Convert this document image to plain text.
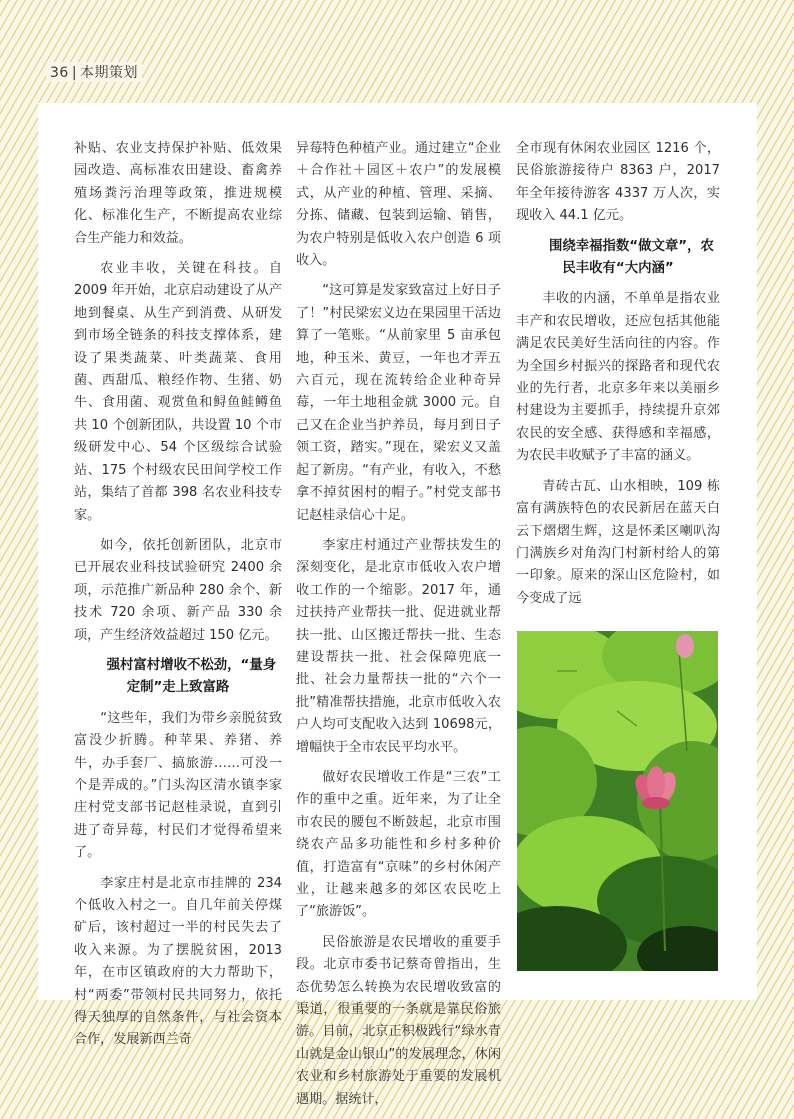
36 | 本期策划

补贴、农业支持保护补贴、低效果园改造、高标准农田建设、畜禽养殖场粪污治理等政策，推进规模化、标准化生产，不断提高农业综合生产能力和效益。

农业丰收，关键在科技。自 2009 年开始，北京启动建设了从产地到餐桌、从生产到消费、从研发到市场全链条的科技支撑体系，建设了果类蔬菜、叶类蔬菜、食用菌、西甜瓜、粮经作物、生猪、奶牛、食用菌、观赏鱼和鲟鱼鲑鳟鱼共 10 个创新团队，共设置 10 个市级研发中心、54 个区级综合试验站、175 个村级农民田间学校工作站，集结了首都 398 名农业科技专家。

如今，依托创新团队，北京市已开展农业科技试验研究 2400 余项，示范推广新品种 280 余个、新技术 720 余项、新产品 330 余项，产生经济效益超过 150 亿元。

强村富村增收不松劲，“量身定制”走上致富路

“这些年，我们为带乡亲脱贫致富没少折腾。种苹果、养猪、养牛，办手套厂、搞旅游……可没一个是弄成的。”门头沟区清水镇李家庄村党支部书记赵桂录说，直到引进了奇异莓，村民们才觉得希望来了。

李家庄村是北京市挂牌的 234 个低收入村之一。自几年前关停煤矿后，该村超过一半的村民失去了收入来源。为了摆脱贫困，2013 年，在市区镇政府的大力帮助下，村“两委”带领村民共同努力，依托得天独厚的自然条件，与社会资本合作，发展新西兰奇

异莓特色种植产业。通过建立“企业＋合作社＋园区＋农户”的发展模式，从产业的种植、管理、采摘、分拣、储藏、包装到运输、销售，为农户特别是低收入农户创造 6 项收入。

“这可算是发家致富过上好日子了！”村民梁宏义边在果园里干活边算了一笔账。“从前家里 5 亩承包地，种玉米、黄豆，一年也才弄五六百元，现在流转给企业种奇异莓，一年土地租金就 3000 元。自己又在企业当护养员，每月到日子领工资，踏实。”现在，梁宏义又盖起了新房。“有产业，有收入，不愁拿不掉贫困村的帽子。”村党支部书记赵桂录信心十足。

李家庄村通过产业帮扶发生的深刻变化，是北京市低收入农户增收工作的一个缩影。2017 年，通过扶持产业帮扶一批、促进就业帮扶一批、山区搬迁帮扶一批、生态建设帮扶一批、社会保障兜底一批、社会力量帮扶一批的“六个一批”精准帮扶措施，北京市低收入农户人均可支配收入达到 10698元，增幅快于全市农民平均水平。

做好农民增收工作是“三农”工作的重中之重。近年来，为了让全市农民的腰包不断鼓起，北京市围绕农产品多功能性和乡村多种价值，打造富有“京味”的乡村休闲产业，让越来越多的郊区农民吃上了“旅游饭”。

民俗旅游是农民增收的重要手段。北京市委书记蔡奇曾指出，生态优势怎么转换为农民增收致富的渠道，很重要的一条就是靠民俗旅游。目前，北京正积极践行“绿水青山就是金山银山”的发展理念，休闲农业和乡村旅游处于重要的发展机遇期。据统计，

全市现有休闲农业园区 1216 个，民俗旅游接待户 8363 户，2017 年全年接待游客 4337 万人次，实现收入 44.1 亿元。

围绕幸福指数“做文章”，农民丰收有“大内涵”

丰收的内涵，不单单是指农业丰产和农民增收，还应包括其他能满足农民美好生活向往的内容。作为全国乡村振兴的探路者和现代农业的先行者，北京多年来以美丽乡村建设为主要抓手，持续提升京郊农民的安全感、获得感和幸福感，为农民丰收赋予了丰富的涵义。

青砖古瓦、山水相映，109 栋富有满族特色的农民新居在蓝天白云下熠熠生辉，这是怀柔区喇叭沟门满族乡对角沟门村新村给人的第一印象。原来的深山区危险村，如今变成了远
